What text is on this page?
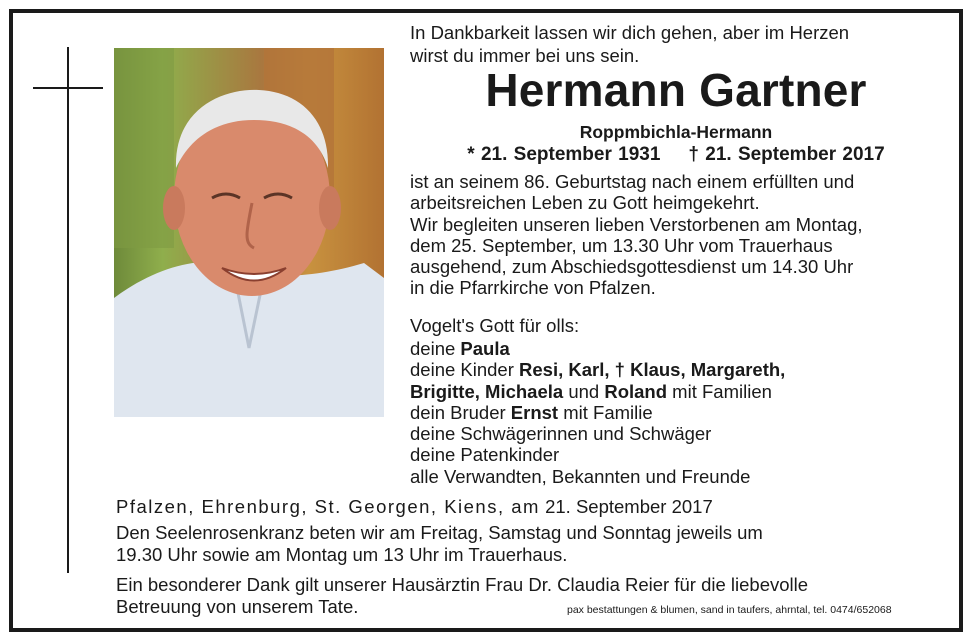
In Dankbarkeit lassen wir dich gehen, aber im Herzen
wirst du immer bei uns sein.

Hermann Gartner

Roppmbichla-Hermann

* 21. September 1931 † 21. September 2017

ist an seinem 86. Geburtstag nach einem erfüllten und
arbeitsreichen Leben zu Gott heimgekehrt.

Wir begleiten unseren lieben Verstorbenen am Montag,
dem 25. September, um 13.30 Uhr vom Trauerhaus
ausgehend, zum Abschiedsgottesdienst um 14.30 Uhr
in die Pfarrkirche von Pfalzen.

Vogelt's Gott für olls:

deine Paula
deine Kinder Resi, Karl, † Klaus, Margareth,
Brigitte, Michaela und Roland mit Familien
dein Bruder Ernst mit Familie
deine Schwägerinnen und Schwäger
deine Patenkinder
alle Verwandten, Bekannten und Freunde

Pfalzen, Ehrenburg, St. Georgen, Kiens, am 21. September 2017

Den Seelenrosenkranz beten wir am Freitag, Samstag und Sonntag jeweils um
19.30 Uhr sowie am Montag um 13 Uhr im Trauerhaus.

Ein besonderer Dank gilt unserer Hausärztin Frau Dr. Claudia Reier für die liebevolle
Betreuung von unserem Tate.	pax bestattungen & blumen, sand in taufers, ahrntal, tel. 0474/652068
